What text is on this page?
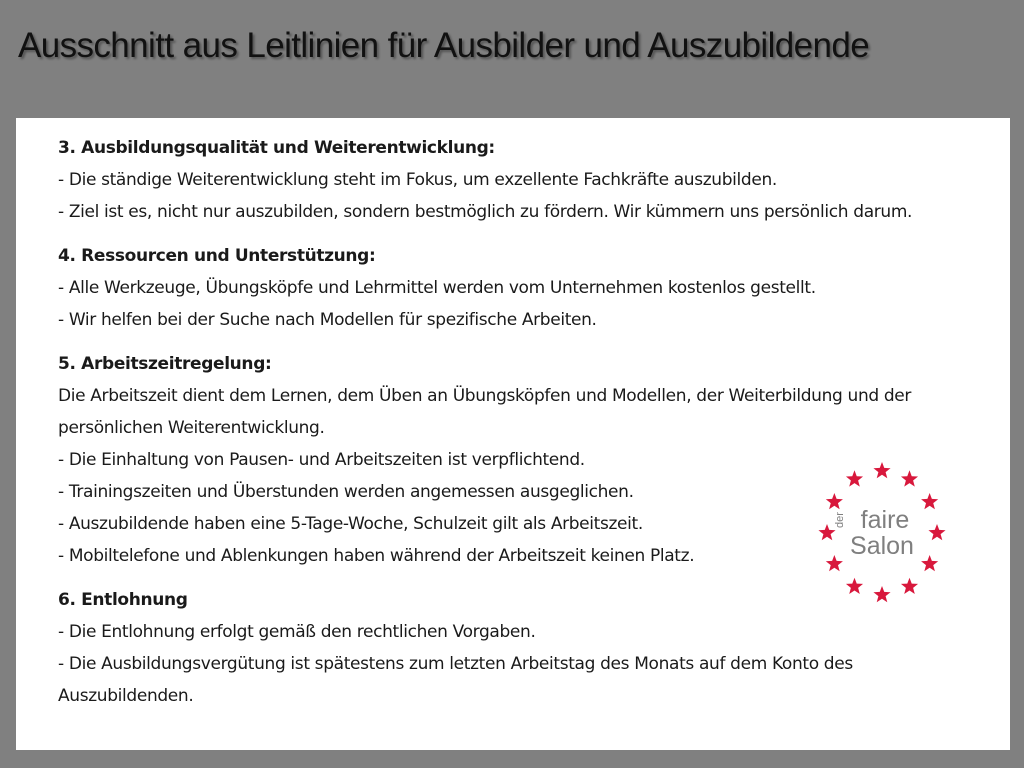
Ausschnitt aus Leitlinien für Ausbilder und Auszubildende
3. Ausbildungsqualität und Weiterentwicklung:
- Die ständige Weiterentwicklung steht im Fokus, um exzellente Fachkräfte auszubilden.
- Ziel ist es, nicht nur auszubilden, sondern bestmöglich zu fördern. Wir kümmern uns persönlich darum.
4. Ressourcen und Unterstützung:
- Alle Werkzeuge, Übungsköpfe und Lehrmittel werden vom Unternehmen kostenlos gestellt.
- Wir helfen bei der Suche nach Modellen für spezifische Arbeiten.
5. Arbeitszeitregelung:
Die Arbeitszeit dient dem Lernen, dem Üben an Übungsköpfen und Modellen, der Weiterbildung und der
persönlichen Weiterentwicklung.
- Die Einhaltung von Pausen- und Arbeitszeiten ist verpflichtend.
- Trainingszeiten und Überstunden werden angemessen ausgeglichen.
- Auszubildende haben eine 5-Tage-Woche, Schulzeit gilt als Arbeitszeit.
- Mobiltelefone und Ablenkungen haben während der Arbeitszeit keinen Platz.
6. Entlohnung
- Die Entlohnung erfolgt gemäß den rechtlichen Vorgaben.
- Die Ausbildungsvergütung ist spätestens zum letzten Arbeitstag des Monats auf dem Konto des
Auszubildenden.
der faire
Salon
